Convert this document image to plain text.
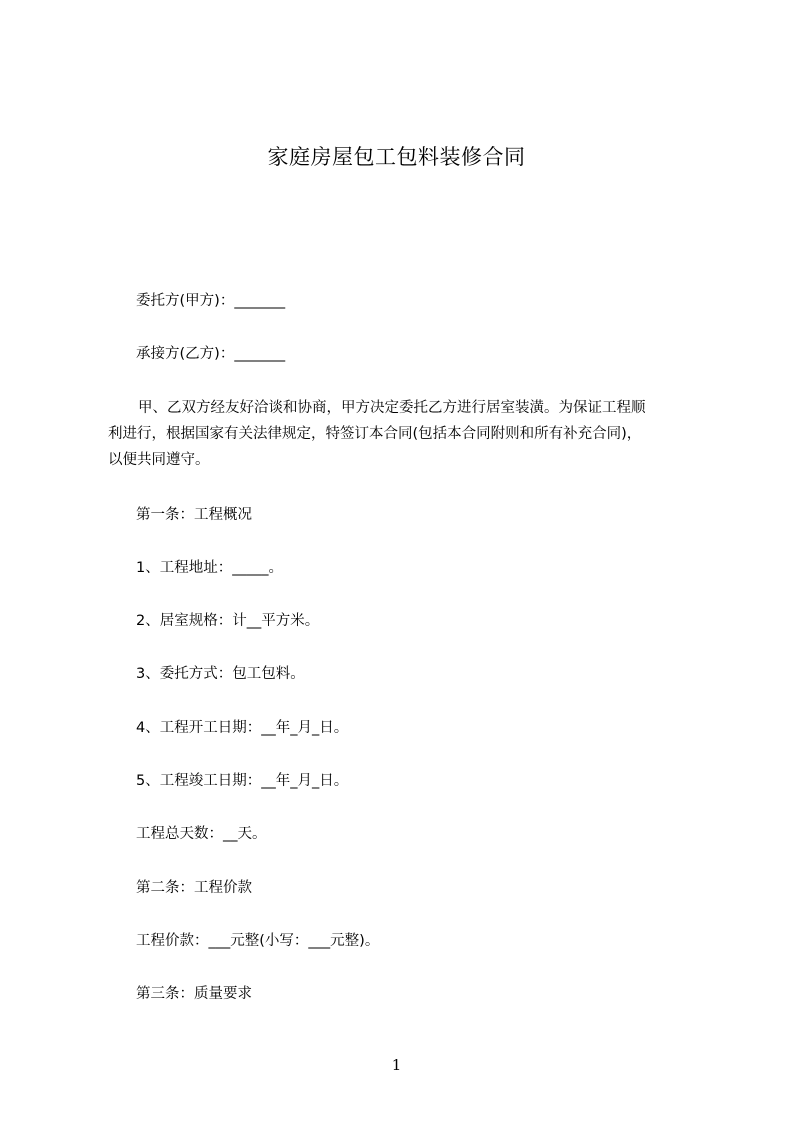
家庭房屋包工包料装修合同
委托方(甲方)：_______
承接方(乙方)：_______
甲、乙双方经友好洽谈和协商，甲方决定委托乙方进行居室装潢。为保证工程顺
利进行，根据国家有关法律规定，特签订本合同(包括本合同附则和所有补充合同)，
以便共同遵守。
第一条：工程概况
1、工程地址：_____。
2、居室规格：计__平方米。
3、委托方式：包工包料。
4、工程开工日期：__年_月_日。
5、工程竣工日期：__年_月_日。
工程总天数：__天。
第二条：工程价款
工程价款：___元整(小写：___元整)。
第三条：质量要求
1
